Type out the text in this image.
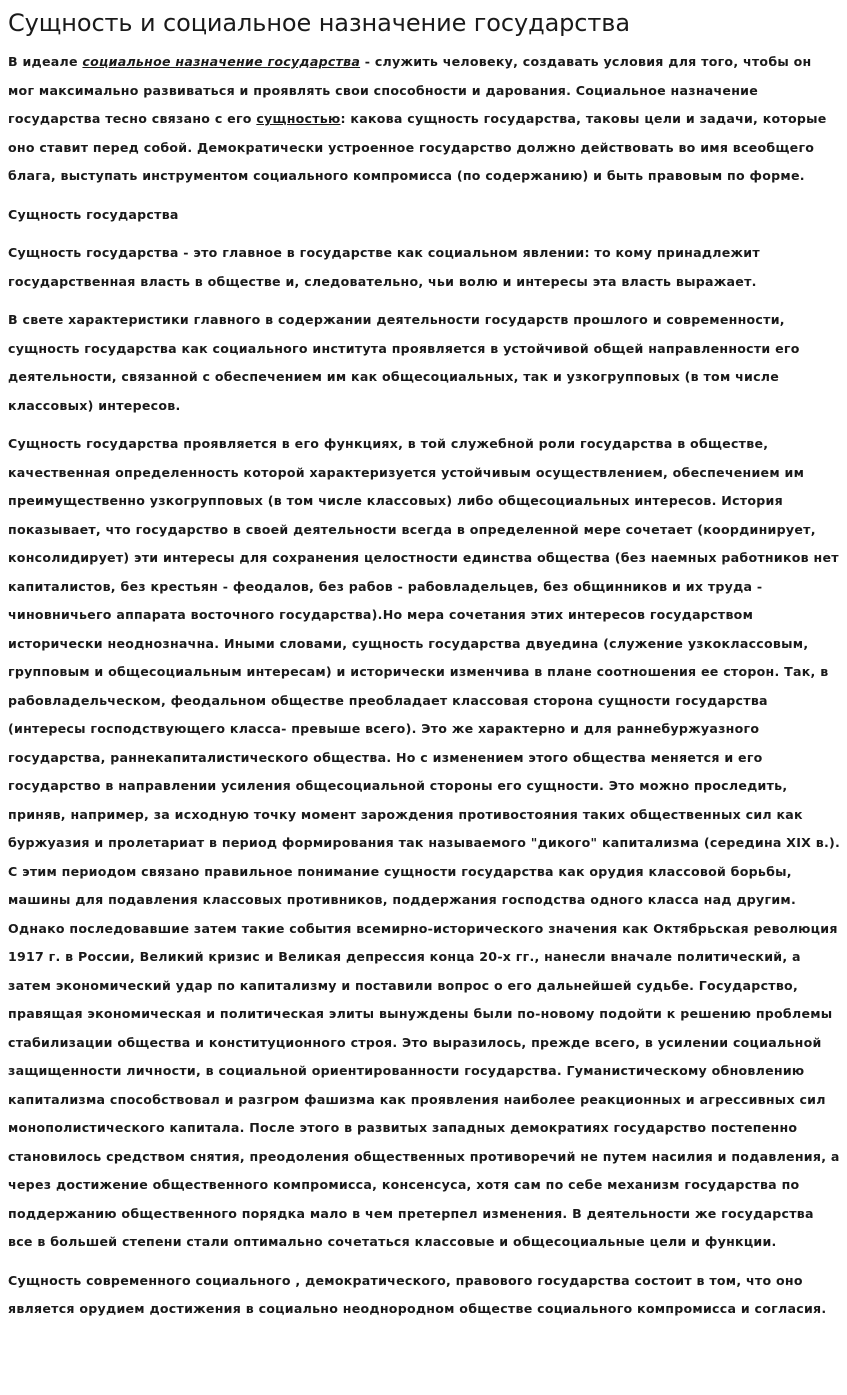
Сущность и социальное назначение государства

В идеале социальное назначение государства - служить человеку, создавать условия для того, чтобы он мог максимально развиваться и проявлять свои способности и дарования. Социальное назначение государства тесно связано с его сущностью: какова сущность государства, таковы цели и задачи, которые оно ставит перед собой. Демократически устроенное государство должно действовать во имя всеобщего блага, выступать инструментом социального компромисса (по содержанию) и быть правовым по форме.

Сущность государства

Сущность государства - это главное в государстве как социальном явлении: то кому принадлежит государственная власть в обществе и, следовательно, чьи волю и интересы эта власть выражает.

В свете характеристики главного в содержании деятельности государств прошлого и современности, сущность государства как социального института проявляется в устойчивой общей направленности его деятельности, связанной с обеспечением им как общесоциальных, так и узкогрупповых (в том числе классовых) интересов.

Сущность государства проявляется в его функциях, в той служебной роли государства в обществе, качественная определенность которой характеризуется устойчивым осуществлением, обеспечением им преимущественно узкогрупповых (в том числе классовых) либо общесоциальных интересов. История показывает, что государство в своей деятельности всегда в определенной мере сочетает (координирует, консолидирует) эти интересы для сохранения целостности единства общества (без наемных работников нет капиталистов, без крестьян - феодалов, без рабов - рабовладельцев, без общинников и их труда - чиновничьего аппарата восточного государства).Но мера сочетания этих интересов государством исторически неоднозначна. Иными словами, сущность государства двуедина (служение узкоклассовым, групповым и общесоциальным интересам) и исторически изменчива в плане соотношения ее сторон. Так, в рабовладельческом, феодальном обществе преобладает классовая сторона сущности государства (интересы господствующего класса- превыше всего). Это же характерно и для раннебуржуазного государства, раннекапиталистического общества. Но с изменением этого общества меняется и его государство в направлении усиления общесоциальной стороны его сущности. Это можно проследить, приняв, например, за исходную точку момент зарождения противостояния таких общественных сил как буржуазия и пролетариат в период формирования так называемого "дикого" капитализма (середина XIX в.). С этим периодом связано правильное понимание сущности государства как орудия классовой борьбы, машины для подавления классовых противников, поддержания господства одного класса над другим. Однако последовавшие затем такие события всемирно-исторического значения как Октябрьская революция 1917 г. в России, Великий кризис и Великая депрессия конца 20-х гг., нанесли вначале политический, а затем экономический удар по капитализму и поставили вопрос о его дальнейшей судьбе. Государство, правящая экономическая и политическая элиты вынуждены были по-новому подойти к решению проблемы стабилизации общества и конституционного строя. Это выразилось, прежде всего, в усилении социальной защищенности личности, в социальной ориентированности государства. Гуманистическому обновлению капитализма способствовал и разгром фашизма как проявления наиболее реакционных и агрессивных сил монополистического капитала. После этого в развитых западных демократиях государство постепенно становилось средством снятия, преодоления общественных противоречий не путем насилия и подавления, а через достижение общественного компромисса, консенсуса, хотя сам по себе механизм государства по поддержанию общественного порядка мало в чем претерпел изменения. В деятельности же государства все в большей степени стали оптимально сочетаться классовые и общесоциальные цели и функции.

Сущность современного социального , демократического, правового государства состоит в том, что оно является орудием достижения в социально неоднородном обществе социального компромисса и согласия.
